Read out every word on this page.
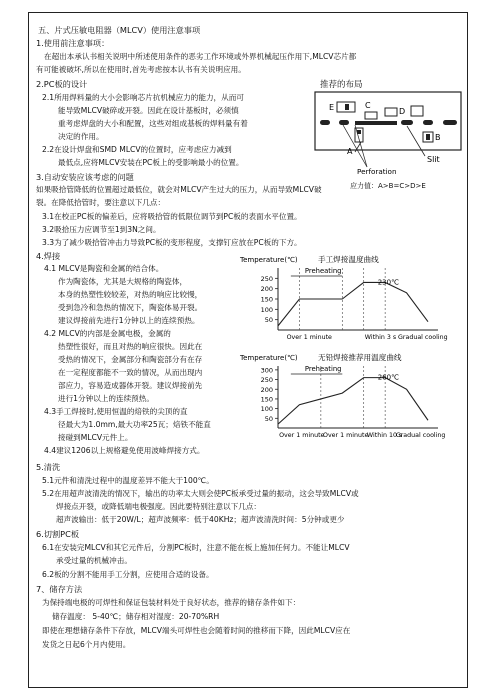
五、片式压敏电阻器（MLCV）使用注意事项
1.使用前注意事项：
在超出本承认书相关说明中所述使用条件的恶劣工作环境或外界机械起压作用下,MLCV芯片都
有可能被破坏,所以在使用时,首先考虑按本认书有关说明应用。
2.PC板的设计
2.1所用焊料量的大小会影响芯片抗机械应力的能力，从而可
能导致MLCV破碎或开裂。因此在设计基板时，必须慎
重考虑焊盘的大小和配置，这些对组成基板的焊料量有着
决定的作用。
2.2在设计焊盘和SMD MLCV的位置时，应考虑应力减到
最低点,应将MLCV安装在PC板上的受影响最小的位置。
推荐的布局
E	C
D
A
B
Slit
Perforation
应力值：A>B=C>D>E
3.自动安装应该考虑的问题
如果吸拾管降低的位置超过最低位，就会对MLCV产生过大的压力，从而导致MLCV破
裂。在降低拾管时，要注意以下几点：
3.1在校正PC板的偏差后，应将吸拾管的低限位调节到PC板的表面水平位置。
3.2吸拾压力应调节至1到3N之间。
3.3为了减少吸拾管冲击力导致PC板的变形程度，支撑钉应放在PC板的下方。
4.焊接
4.1 MLCV是陶瓷和金属的结合体。
作为陶瓷体，尤其是大规格的陶瓷体，
本身的热塑性较较差，对热的响应比较慢，
受到急冷和急热的情况下，陶瓷体易开裂。
建议焊接前先进行1分钟以上的连续预热。
4.2 MLCV的内部是金属电极，金属的
热塑性很好，而且对热的响应很快。因此在
受热的情况下，金属部分和陶瓷部分有在存
在一定程度都能不一致的情况，从而出现内
部应力，容易造成器体开裂。建议焊接前先
进行1分钟以上的连续预热。
4.3手工焊接时,使用恒温的焙铁的尖顶的直
径最大为1.0mm,最大功率25瓦；焙铁不能直
接碰到MLCV元件上。
4.4建议1206以上规格避免使用波峰焊接方式。
Temperature(℃)	手工焊接温度曲线
50
100
150
200
250	230℃
Preheating
Over 1 minute	Within 3 s Gradual cooling
Temperature(℃)	无铅焊接推荐用温度曲线
50
100
150
200
250
300
260℃
Preheating
Over 1 minute
Over 1 minute
Within 10 s
Gradual cooling
5.清洗
5.1元件和清洗过程中的温度差异不能大于100℃。
5.2在用超声波清洗的情况下，输出的功率太大则会使PC板承受过量的振动，这会导致MLCV或
焊接点开裂，或降低端电极强度。因此要特别注意以下几点：
超声波输出：低于20W/L；超声波频率：低于40KHz；超声波清洗时间：5分钟或更少
6.切割PC板
6.1在安装完MLCV和其它元件后，分割PC板时，注意不能在板上施加任何力。不能让MLCV
承受过量的机械冲击。
6.2板的分割不能用手工分割，应使用合适的设备。
7、储存方法
为保持端电极的可焊性和保证包装材料处于良好状态，推荐的储存条件如下：
储存温度： 5-40℃；储存相对湿度：20-70%RH
即使在理想储存条件下存放，MLCV端头可焊性也会随着时间的推移而下降，因此MLCV应在
发货之日起6个月内使用。
